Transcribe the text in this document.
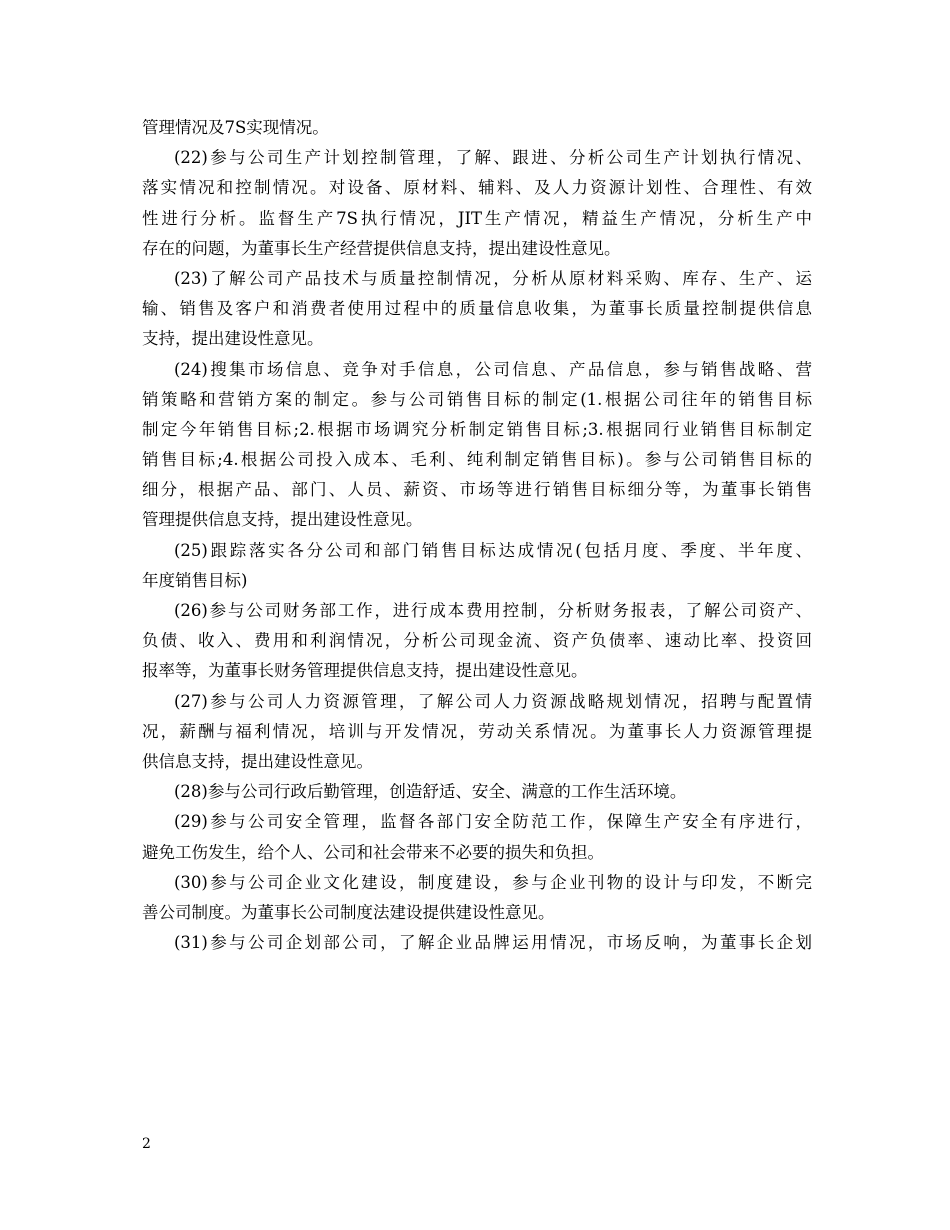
管理情况及7S实现情况。
(22)参与公司生产计划控制管理，了解、跟进、分析公司生产计划执行情况、
落实情况和控制情况。对设备、原材料、辅料、及人力资源计划性、合理性、有效
性进行分析。监督生产7S执行情况，JIT生产情况，精益生产情况，分析生产中
存在的问题，为董事长生产经营提供信息支持，提出建设性意见。
(23)了解公司产品技术与质量控制情况，分析从原材料采购、库存、生产、运
输、销售及客户和消费者使用过程中的质量信息收集，为董事长质量控制提供信息
支持，提出建设性意见。
(24)搜集市场信息、竞争对手信息，公司信息、产品信息，参与销售战略、营
销策略和营销方案的制定。参与公司销售目标的制定(1.根据公司往年的销售目标
制定今年销售目标;2.根据市场调究分析制定销售目标;3.根据同行业销售目标制定
销售目标;4.根据公司投入成本、毛利、纯利制定销售目标)。参与公司销售目标的
细分，根据产品、部门、人员、薪资、市场等进行销售目标细分等，为董事长销售
管理提供信息支持，提出建设性意见。
(25)跟踪落实各分公司和部门销售目标达成情况(包括月度、季度、半年度、
年度销售目标)
(26)参与公司财务部工作，进行成本费用控制，分析财务报表，了解公司资产、
负债、收入、费用和利润情况，分析公司现金流、资产负债率、速动比率、投资回
报率等，为董事长财务管理提供信息支持，提出建设性意见。
(27)参与公司人力资源管理，了解公司人力资源战略规划情况，招聘与配置情
况，薪酬与福利情况，培训与开发情况，劳动关系情况。为董事长人力资源管理提
供信息支持，提出建设性意见。
(28)参与公司行政后勤管理，创造舒适、安全、满意的工作生活环境。
(29)参与公司安全管理，监督各部门安全防范工作，保障生产安全有序进行，
避免工伤发生，给个人、公司和社会带来不必要的损失和负担。
(30)参与公司企业文化建设，制度建设，参与企业刊物的设计与印发，不断完
善公司制度。为董事长公司制度法建设提供建设性意见。
(31)参与公司企划部公司，了解企业品牌运用情况，市场反响，为董事长企划
2
